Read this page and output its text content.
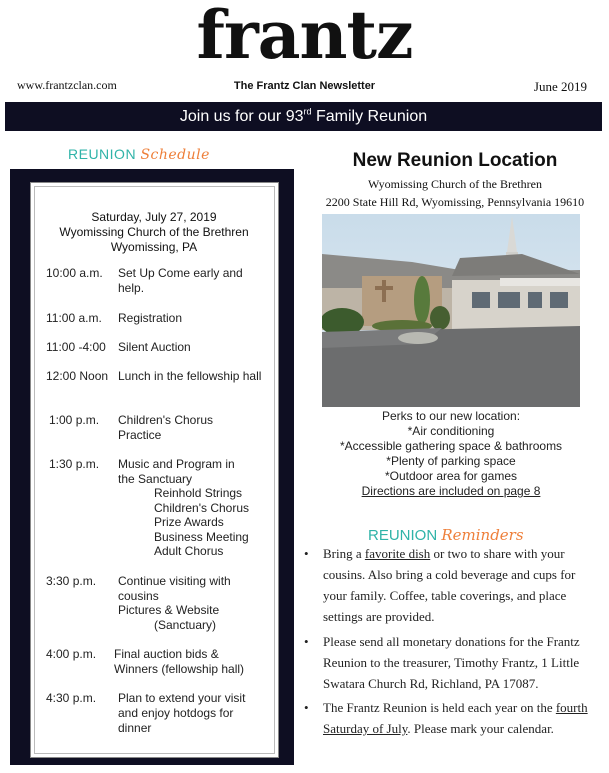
frantz
The Frantz Clan Newsletter
www.frantzclan.com	June 2019
Join us for our 93rd Family Reunion
REUNION Schedule
Saturday, July 27, 2019
Wyomissing Church of the Brethren
Wyomissing, PA
10:00 a.m. Set Up Come early and help.
11:00 a.m. Registration
11:00 -4:00 Silent Auction
12:00 Noon Lunch in the fellowship hall
1:00 p.m. Children's Chorus Practice
1:30 p.m. Music and Program in the Sanctuary
Reinhold Strings
Children's Chorus
Prize Awards
Business Meeting
Adult Chorus
3:30 p.m. Continue visiting with cousins
Pictures & Website
(Sanctuary)
4:00 p.m. Final auction bids & Winners (fellowship hall)
4:30 p.m. Plan to extend your visit and enjoy hotdogs for dinner
New Reunion Location
Wyomissing Church of the Brethren
2200 State Hill Rd, Wyomissing, Pennsylvania 19610
Perks to our new location:
*Air conditioning
*Accessible gathering space & bathrooms
*Plenty of parking space
*Outdoor area for games
Directions are included on page 8
REUNION Reminders
• Bring a favorite dish or two to share with your cousins. Also bring a cold beverage and cups for your family. Coffee, table coverings, and place settings are provided.
• Please send all monetary donations for the Frantz Reunion to the treasurer, Timothy Frantz, 1 Little Swatara Church Rd, Richland, PA 17087.
• The Frantz Reunion is held each year on the fourth Saturday of July. Please mark your calendar.
